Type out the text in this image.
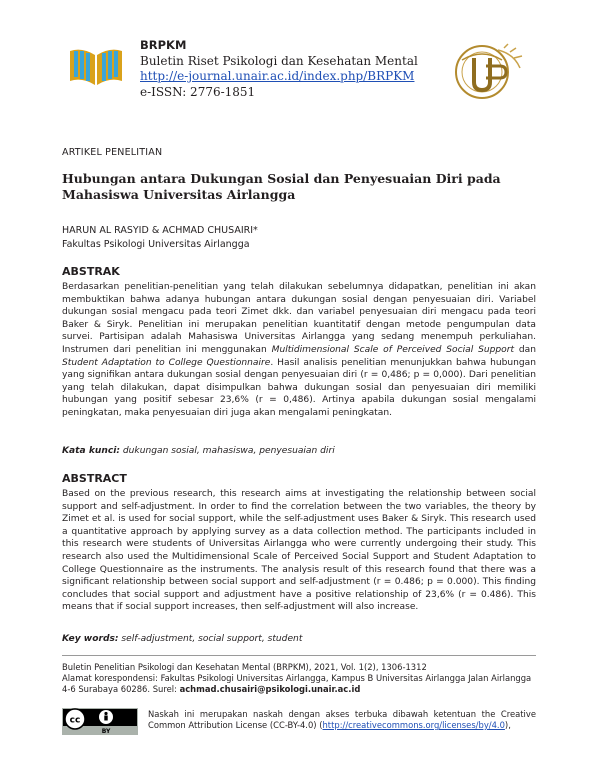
BRPKM
Buletin Riset Psikologi dan Kesehatan Mental
http://e-journal.unair.ac.id/index.php/BRPKM
e-ISSN: 2776-1851
ARTIKEL PENELITIAN
Hubungan antara Dukungan Sosial dan Penyesuaian Diri pada Mahasiswa Universitas Airlangga
HARUN AL RASYID & ACHMAD CHUSAIRI*
Fakultas Psikologi Universitas Airlangga
ABSTRAK
Berdasarkan penelitian-penelitian yang telah dilakukan sebelumnya didapatkan, penelitian ini akan membuktikan bahwa adanya hubungan antara dukungan sosial dengan penyesuaian diri. Variabel dukungan sosial mengacu pada teori Zimet dkk. dan variabel penyesuaian diri mengacu pada teori Baker & Siryk. Penelitian ini merupakan penelitian kuantitatif dengan metode pengumpulan data survei. Partisipan adalah Mahasiswa Universitas Airlangga yang sedang menempuh perkuliahan. Instrumen dari penelitian ini menggunakan Multidimensional Scale of Perceived Social Support dan Student Adaptation to College Questionnaire. Hasil analisis penelitian menunjukkan bahwa hubungan yang signifikan antara dukungan sosial dengan penyesuaian diri (r = 0,486; p = 0,000). Dari penelitian yang telah dilakukan, dapat disimpulkan bahwa dukungan sosial dan penyesuaian diri memiliki hubungan yang positif sebesar 23,6% (r = 0,486). Artinya apabila dukungan sosial mengalami peningkatan, maka penyesuaian diri juga akan mengalami peningkatan.
Kata kunci: dukungan sosial, mahasiswa, penyesuaian diri
ABSTRACT
Based on the previous research, this research aims at investigating the relationship between social support and self-adjustment. In order to find the correlation between the two variables, the theory by Zimet et al. is used for social support, while the self-adjustment uses Baker & Siryk. This research used a quantitative approach by applying survey as a data collection method. The participants included in this research were students of Universitas Airlangga who were currently undergoing their study. This research also used the Multidimensional Scale of Perceived Social Support and Student Adaptation to College Questionnaire as the instruments. The analysis result of this research found that there was a significant relationship between social support and self-adjustment (r = 0.486; p = 0.000). This finding concludes that social support and adjustment have a positive relationship of 23,6% (r = 0.486). This means that if social support increases, then self-adjustment will also increase.
Key words: self-adjustment, social support, student
Buletin Penelitian Psikologi dan Kesehatan Mental (BRPKM), 2021, Vol. 1(2), 1306-1312
Alamat korespondensi: Fakultas Psikologi Universitas Airlangga, Kampus B Universitas Airlangga Jalan Airlangga 4-6 Surabaya 60286. Surel: achmad.chusairi@psikologi.unair.ac.id
cc
BY
Naskah ini merupakan naskah dengan akses terbuka dibawah ketentuan the Creative Common Attribution License (CC-BY-4.0) (http://creativecommons.org/licenses/by/4.0),
